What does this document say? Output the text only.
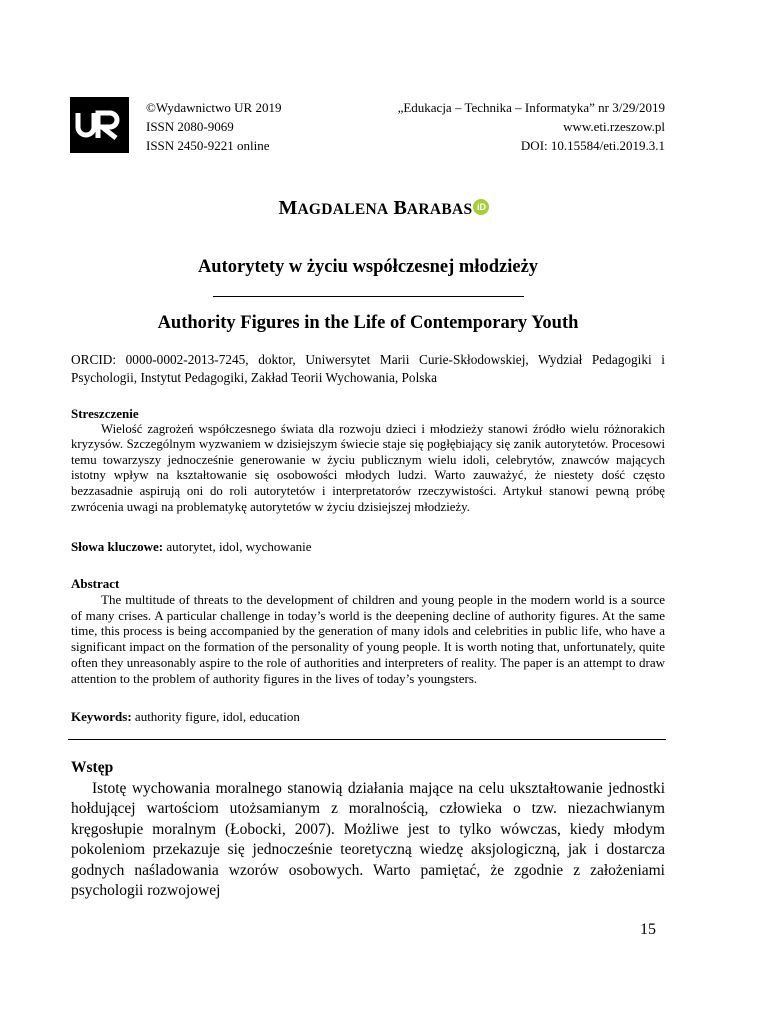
©Wydawnictwo UR 2019
ISSN 2080-9069
ISSN 2450-9221 online
„Edukacja – Technika – Informatyka” nr 3/29/2019
www.eti.rzeszow.pl
DOI: 10.15584/eti.2019.3.1
MAGDALENA BARABAS iD
Autorytety w życiu współczesnej młodzieży
Authority Figures in the Life of Contemporary Youth
ORCID: 0000-0002-2013-7245, doktor, Uniwersytet Marii Curie-Skłodowskiej, Wydział Pedagogiki i Psychologii, Instytut Pedagogiki, Zakład Teorii Wychowania, Polska
Streszczenie

Wielość zagrożeń współczesnego świata dla rozwoju dzieci i młodzieży stanowi źródło wielu różnorakich kryzysów. Szczególnym wyzwaniem w dzisiejszym świecie staje się pogłębiający się zanik autorytetów. Procesowi temu towarzyszy jednocześnie generowanie w życiu publicznym wielu idoli, celebrytów, znawców mających istotny wpływ na kształtowanie się osobowości młodych ludzi. Warto zauważyć, że niestety dość często bezzasadnie aspirują oni do roli autorytetów i interpretatorów rzeczywistości. Artykuł stanowi pewną próbę zwrócenia uwagi na problematykę autorytetów w życiu dzisiejszej młodzieży.

Słowa kluczowe: autorytet, idol, wychowanie
Abstract

The multitude of threats to the development of children and young people in the modern world is a source of many crises. A particular challenge in today’s world is the deepening decline of authority figures. At the same time, this process is being accompanied by the generation of many idols and celebrities in public life, who have a significant impact on the formation of the personality of young people. It is worth noting that, unfortunately, quite often they unreasonably aspire to the role of authorities and interpreters of reality. The paper is an attempt to draw attention to the problem of authority figures in the lives of today’s youngsters.

Keywords: authority figure, idol, education
Wstęp

Istotę wychowania moralnego stanowią działania mające na celu ukształtowanie jednostki hołdującej wartościom utożsamianym z moralnością, człowieka o tzw. niezachwianym kręgosłupie moralnym (Łobocki, 2007). Możliwe jest to tylko wówczas, kiedy młodym pokoleniom przekazuje się jednocześnie teoretyczną wiedzę aksjologiczną, jak i dostarcza godnych naśladowania wzorów osobowych. Warto pamiętać, że zgodnie z założeniami psychologii rozwojowej

15
